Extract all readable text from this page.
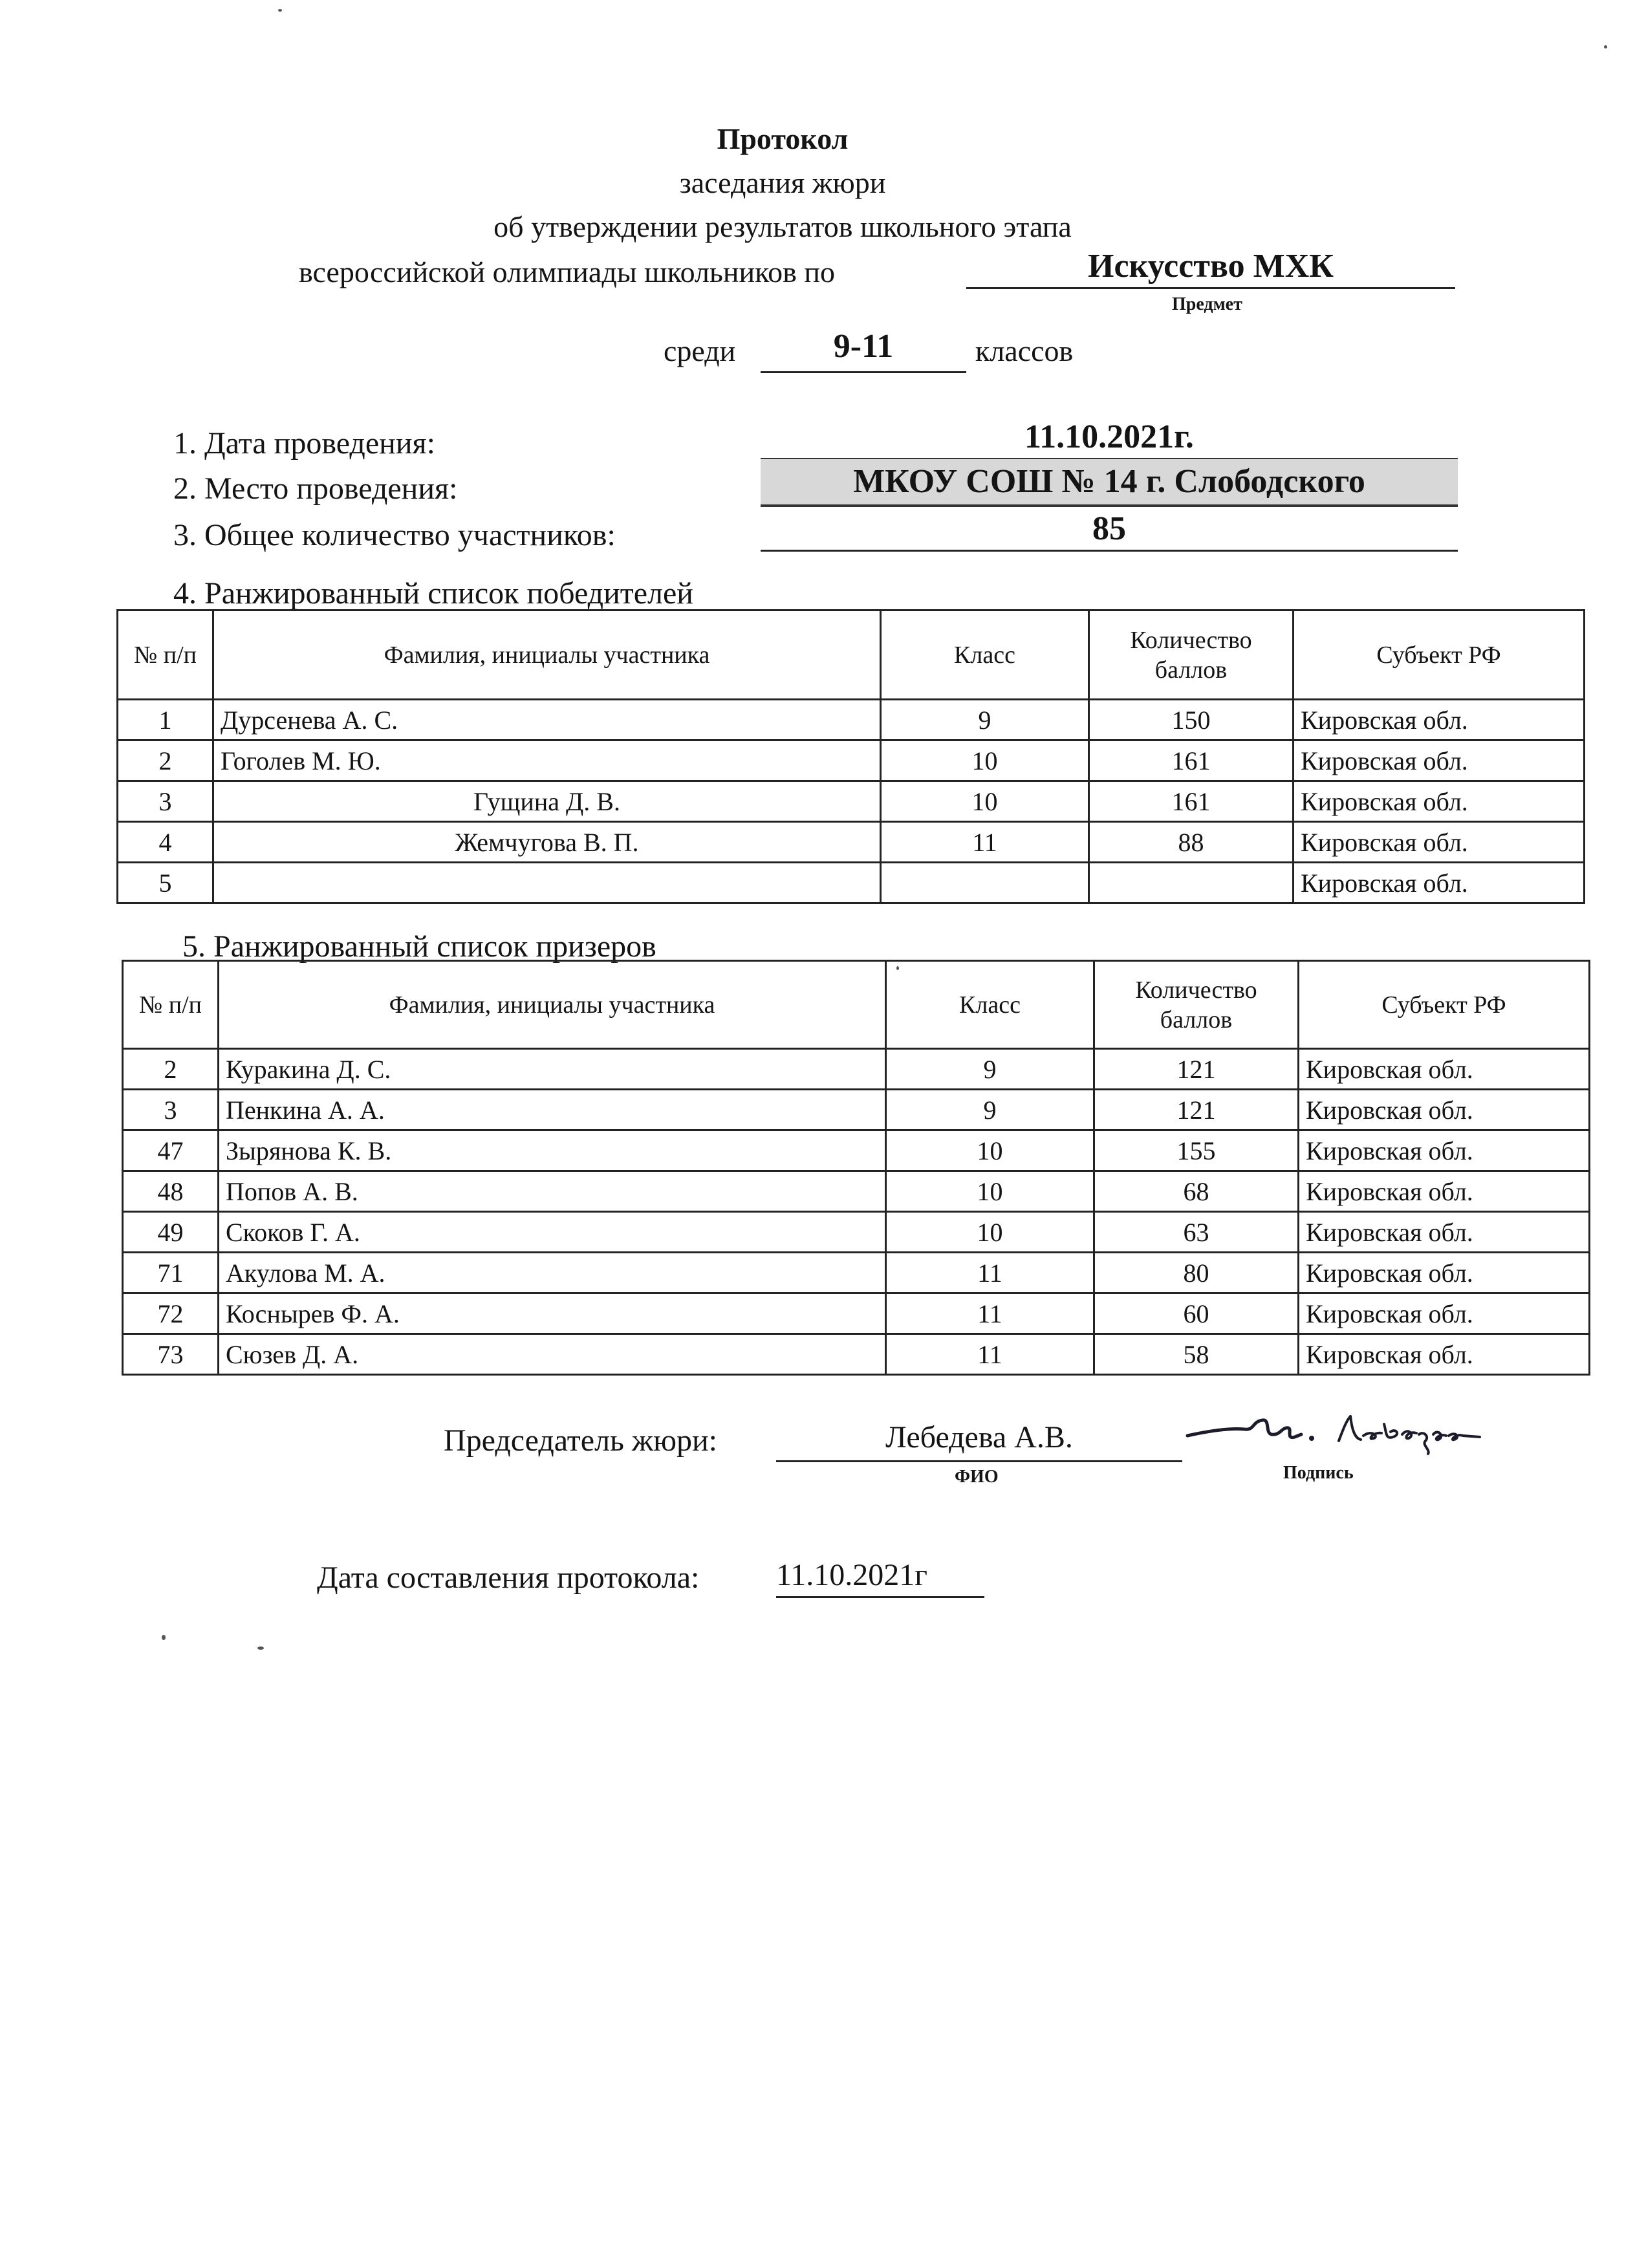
Протокол
заседания жюри
об утверждении результатов школьного этапа
всероссийской олимпиады школьников по	Искусство МХК
Предмет
среди	9-11	классов
1. Дата проведения:	11.10.2021г.
2. Место проведения:	МКОУ СОШ № 14 г. Слободского
3. Общее количество участников:	85
4. Ранжированный список победителей
№ п/п	Фамилия, инициалы участника	Класс	Количество баллов	Субъект РФ
1	Дурсенева А. С.	9	150	Кировская обл.
2	Гоголев М. Ю.	10	161	Кировская обл.
3	Гущина Д. В.	10	161	Кировская обл.
4	Жемчугова В. П.	11	88	Кировская обл.
5				Кировская обл.
5. Ранжированный список призеров
№ п/п	Фамилия, инициалы участника	Класс	Количество баллов	Субъект РФ
2	Куракина Д. С.	9	121	Кировская обл.
3	Пенкина А. А.	9	121	Кировская обл.
47	Зырянова К. В.	10	155	Кировская обл.
48	Попов А. В.	10	68	Кировская обл.
49	Скоков Г. А.	10	63	Кировская обл.
71	Акулова М. А.	11	80	Кировская обл.
72	Коснырев Ф. А.	11	60	Кировская обл.
73	Сюзев Д. А.	11	58	Кировская обл.
Председатель жюри:	Лебедева А.В.
ФИО	Подпись
Дата составления протокола: 11.10.2021г
